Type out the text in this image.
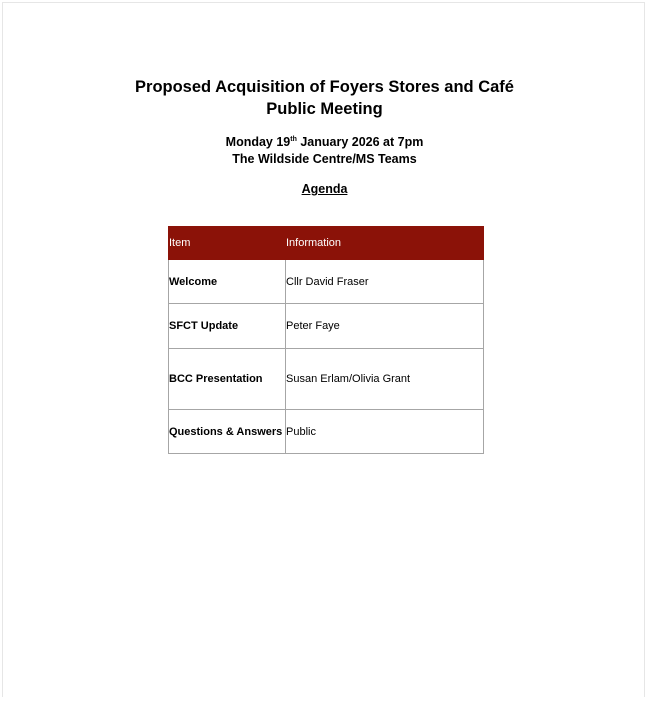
Proposed Acquisition of Foyers Stores and Café
Public Meeting

Monday 19th January 2026 at 7pm

The Wildside Centre/MS Teams

Agenda

Item	Information
Welcome	Cllr David Fraser
SFCT Update	Peter Faye
BCC Presentation	Susan Erlam/Olivia Grant
Questions & Answers	Public
